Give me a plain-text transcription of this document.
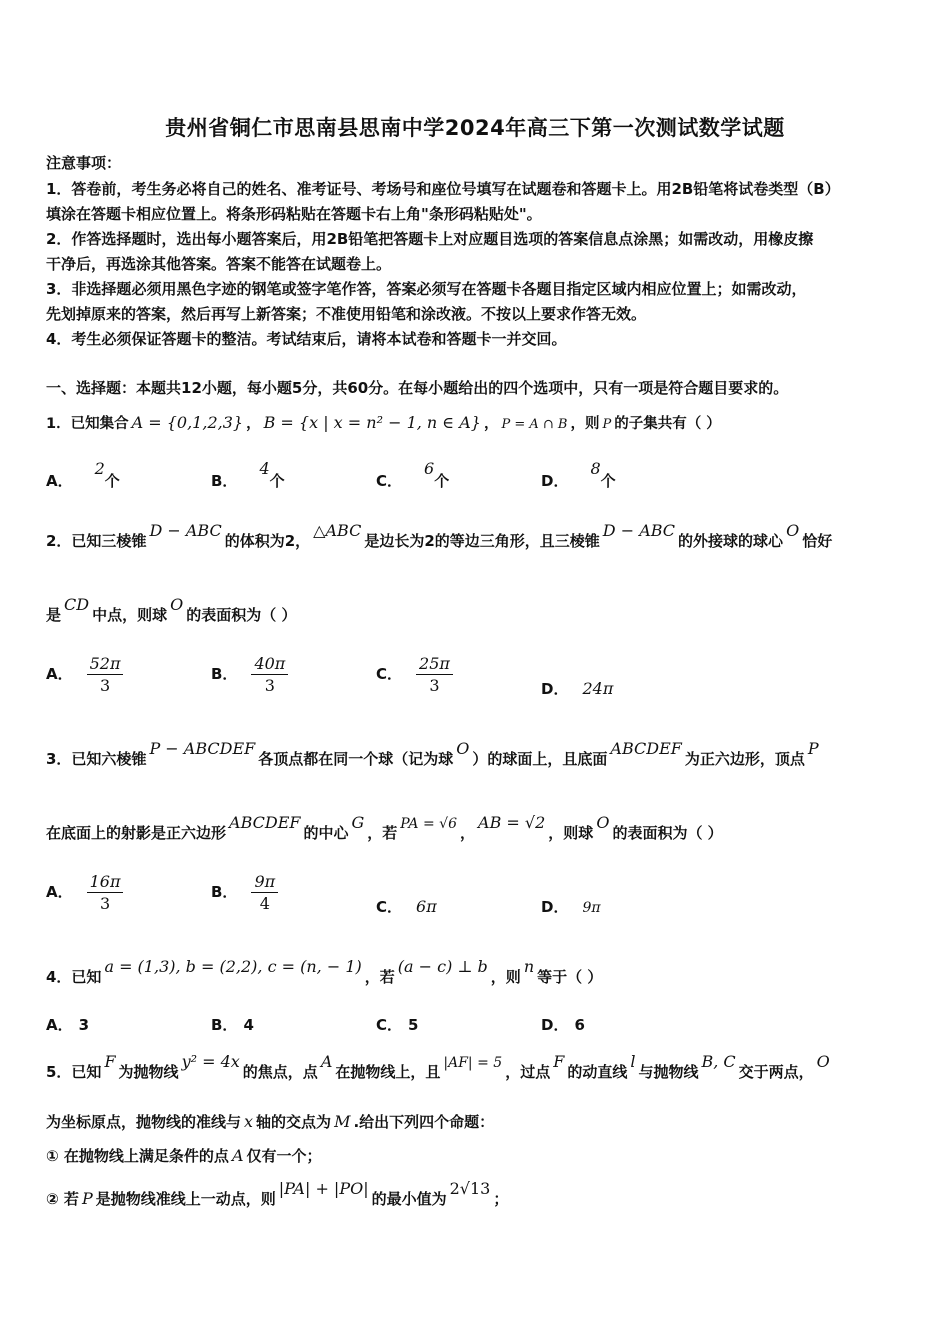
贵州省铜仁市思南县思南中学2024年高三下第一次测试数学试题
注意事项：
1．答卷前，考生务必将自己的姓名、准考证号、考场号和座位号填写在试题卷和答题卡上。用2B铅笔将试卷类型（B）
填涂在答题卡相应位置上。将条形码粘贴在答题卡右上角"条形码粘贴处"。
2．作答选择题时，选出每小题答案后，用2B铅笔把答题卡上对应题目选项的答案信息点涂黑；如需改动，用橡皮擦
干净后，再选涂其他答案。答案不能答在试题卷上。
3．非选择题必须用黑色字迹的钢笔或签字笔作答，答案必须写在答题卡各题目指定区域内相应位置上；如需改动，
先划掉原来的答案，然后再写上新答案；不准使用铅笔和涂改液。不按以上要求作答无效。
4．考生必须保证答题卡的整洁。考试结束后，请将本试卷和答题卡一并交回。
一、选择题：本题共12小题，每小题5分，共60分。在每小题给出的四个选项中，只有一项是符合题目要求的。
1．已知集合 A = {0,1,2,3} ， B = {x | x = n² − 1, n ∈ A} ， P = A ∩ B ，则 P 的子集共有（ ）
A．2个	B．4个	C．6个	D．8个
2．已知三棱锥D − ABC的体积为2，△ABC是边长为2的等边三角形，且三棱锥D − ABC的外接球的球心O恰好
是CD中点，则球O的表面积为（ ）
A． $\frac{52\pi}{3}$	B． $\frac{40\pi}{3}$	C． $\frac{25\pi}{3}$	D． 24π
3．已知六棱锥P − ABCDEF各顶点都在同一个球（记为球O）的球面上，且底面ABCDEF为正六边形，顶点P
在底面上的射影是正六边形ABCDEF的中心G，若 PA = √6 ，AB = √2，则球O的表面积为（ ）
A． $\frac{16\pi}{3}$	B． $\frac{9\pi}{4}$	C． 6π	D． 9π
4．已知a = (1,3), b = (2,2), c = (n, − 1)，若(a − c) ⊥ b，则n等于（ ）
A． 3	B． 4	C． 5	D． 6
5．已知F为抛物线y² = 4x的焦点，点A在抛物线上，且 |AF| = 5 ，过点F的动直线l与抛物线B, C交于两点，O
为坐标原点，抛物线的准线与 x 轴的交点为 M .给出下列四个命题：
① 在抛物线上满足条件的点 A 仅有一个；
② 若 P 是抛物线准线上一动点，则|PA| + |PO|的最小值为2√13；
